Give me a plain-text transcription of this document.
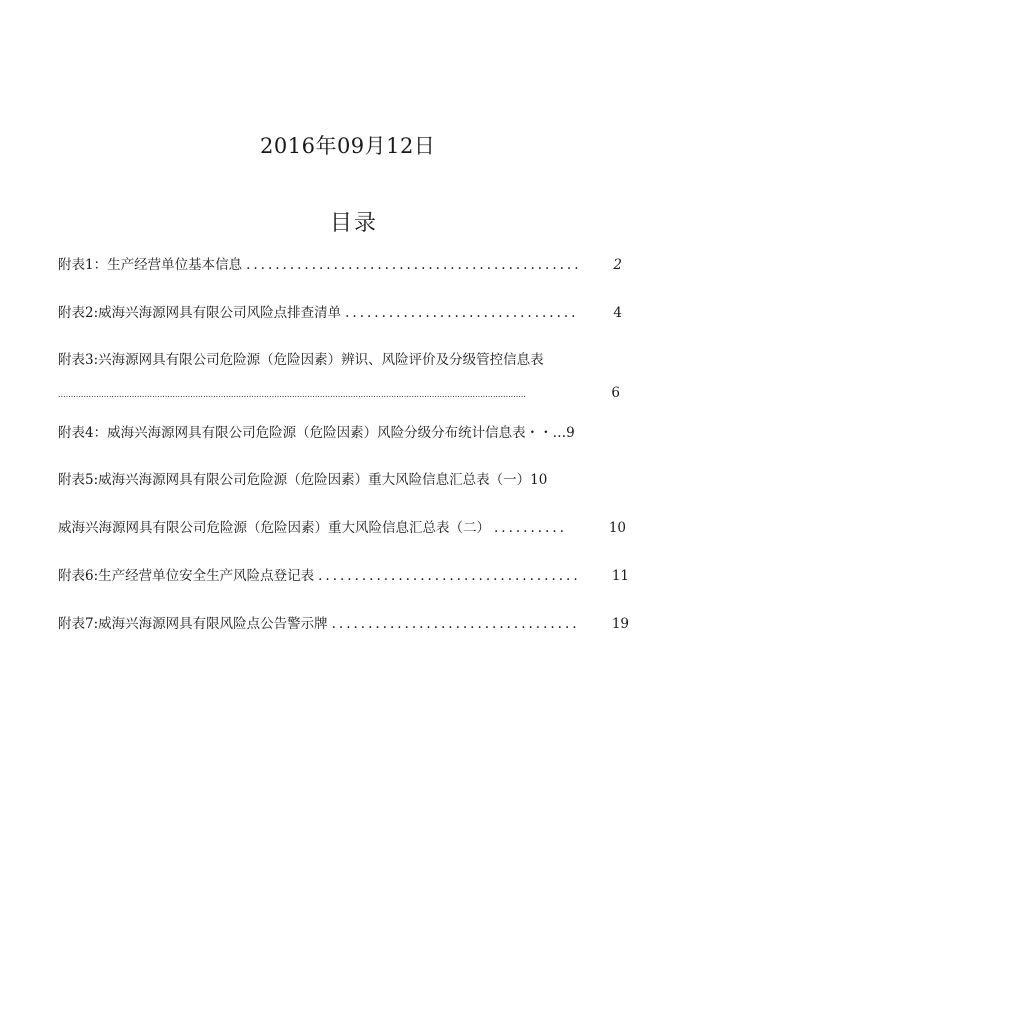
2016年09月12日
目录
附表1：生产经营单位基本信息 ..............................................	2
附表2:威海兴海源网具有限公司风险点排查清单 ................................	4
附表3:兴海源网具有限公司危险源（危险因素）辨识、风险评价及分级管控信息表
........................................................................................................................................................................................	6
附表4：威海兴海源网具有限公司危险源（危险因素）风险分级分布统计信息表・・…9
附表5:威海兴海源网具有限公司危险源（危险因素）重大风险信息汇总表（一）10
威海兴海源网具有限公司危险源（危险因素）重大风险信息汇总表（二） ..........	10
附表6:生产经营单位安全生产风险点登记表 ....................................	11
附表7:威海兴海源网具有限风险点公告警示牌 ..................................	19
